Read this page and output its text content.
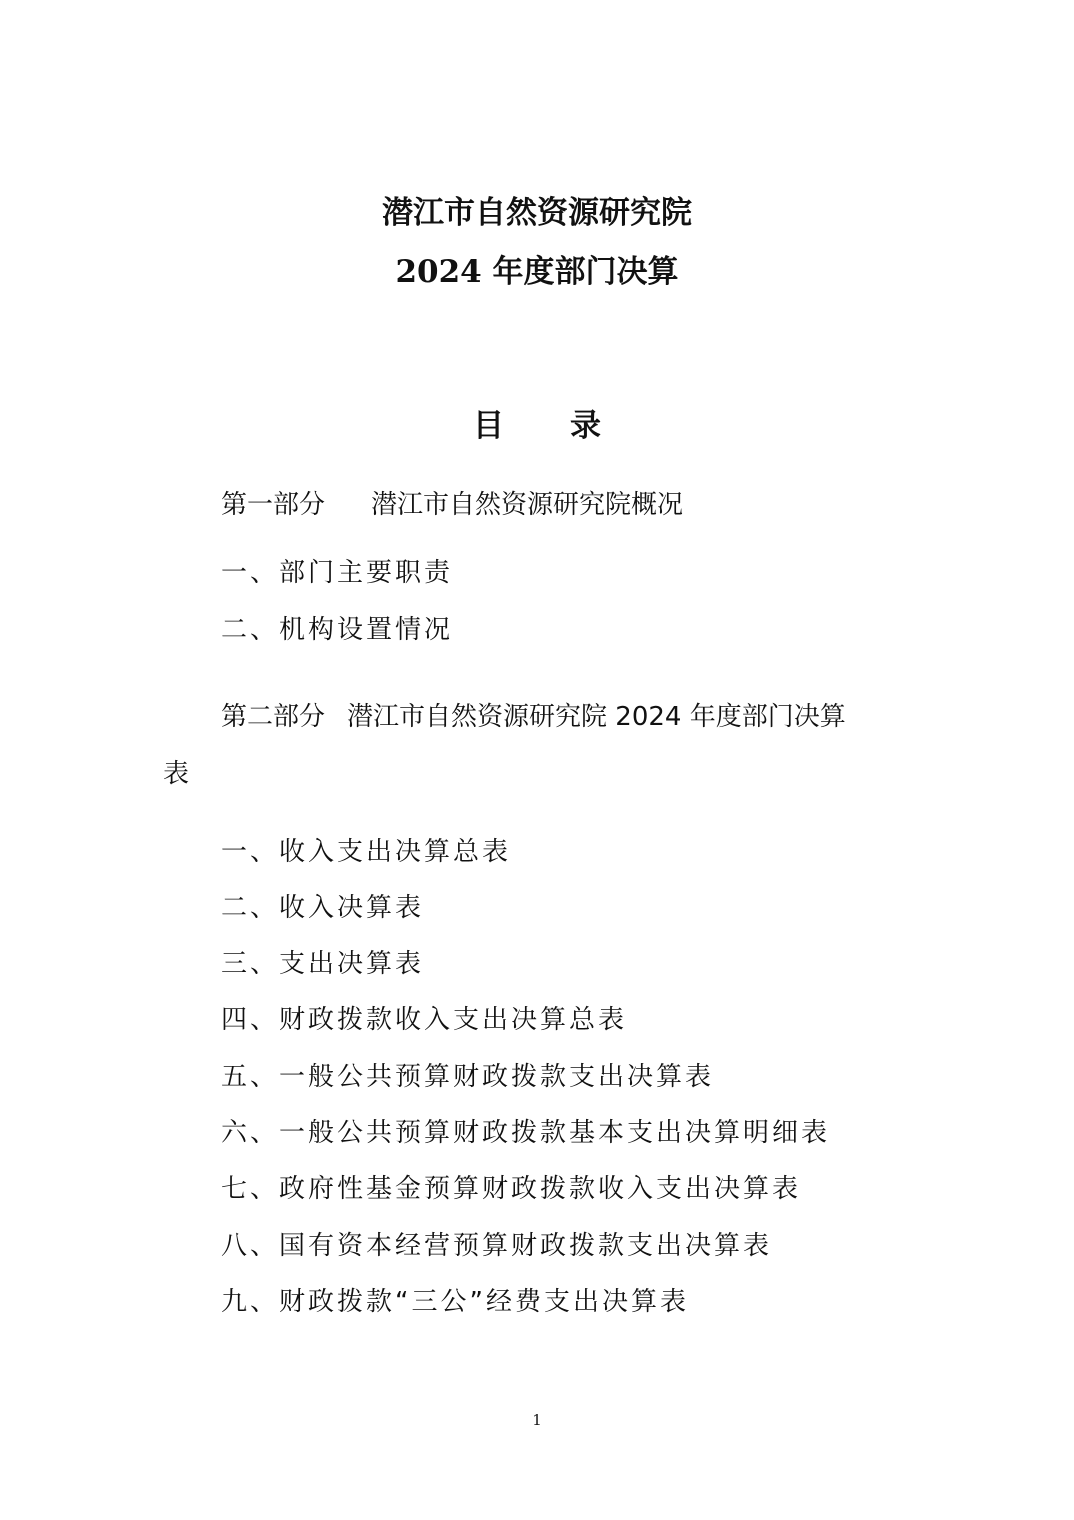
潜江市自然资源研究院
2024 年度部门决算
目 录
第一部分 潜江市自然资源研究院概况
一、部门主要职责
二、机构设置情况
第二部分 潜江市自然资源研究院 2024 年度部门决算
表
一、收入支出决算总表
二、收入决算表
三、支出决算表
四、财政拨款收入支出决算总表
五、一般公共预算财政拨款支出决算表
六、一般公共预算财政拨款基本支出决算明细表
七、政府性基金预算财政拨款收入支出决算表
八、国有资本经营预算财政拨款支出决算表
九、财政拨款“三公”经费支出决算表
1
